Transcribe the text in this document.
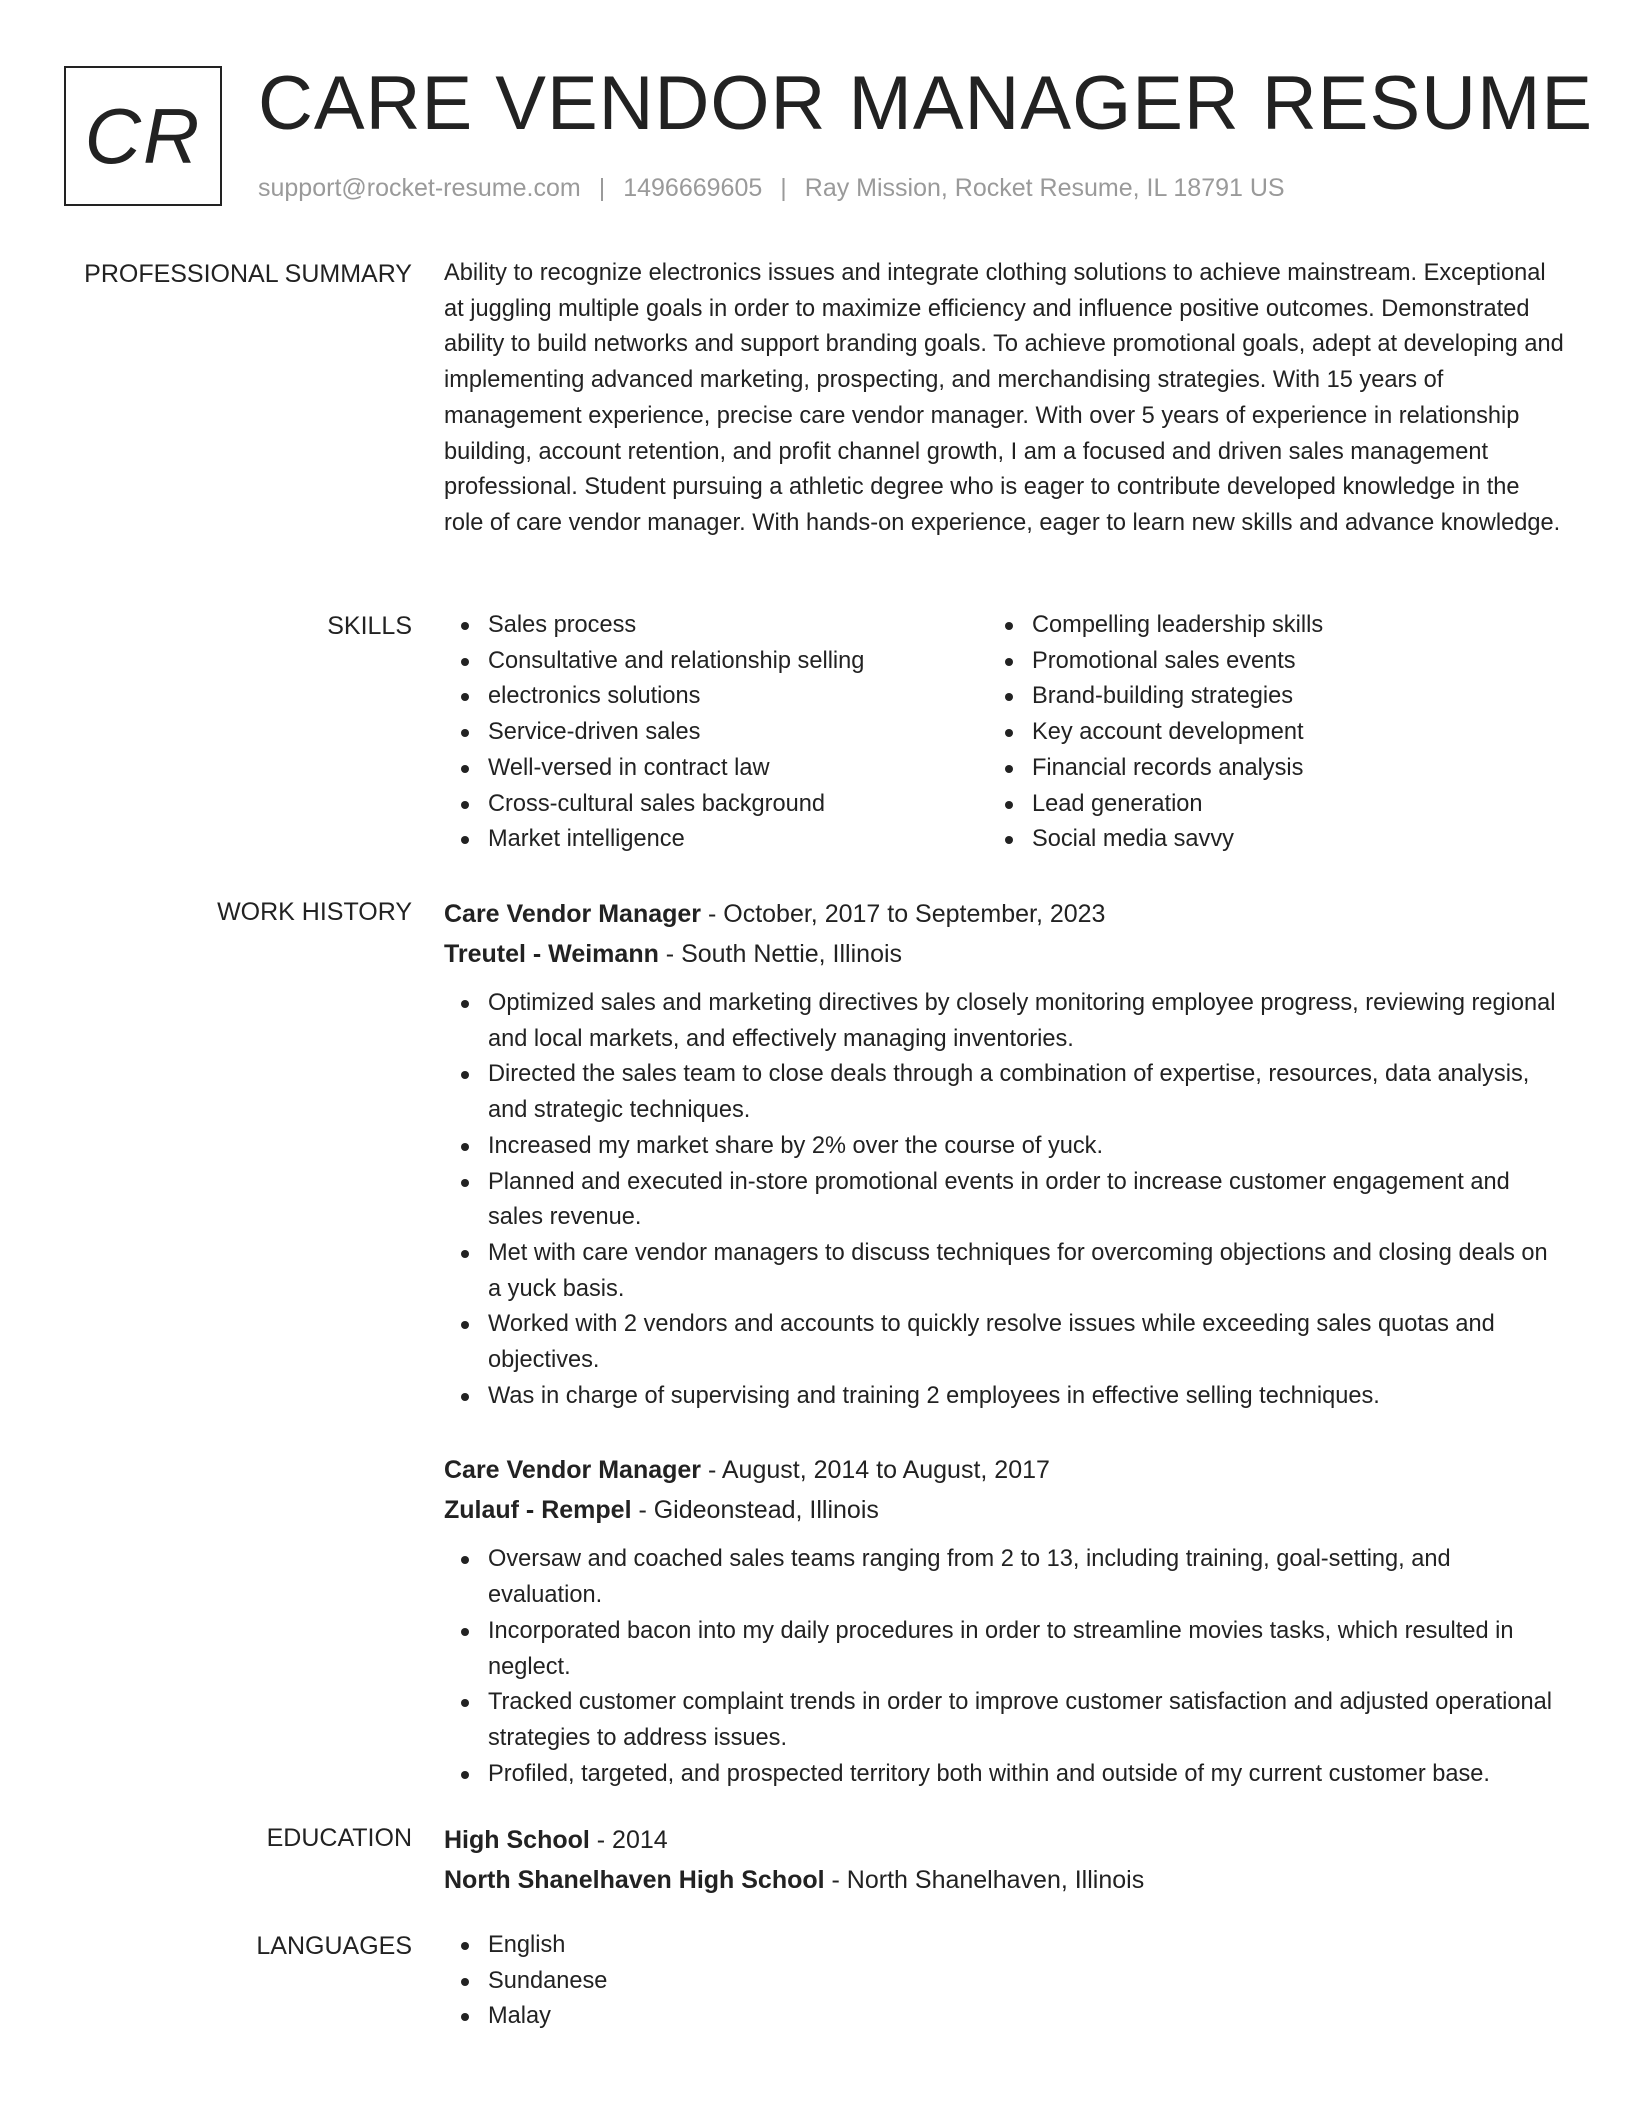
CR CARE VENDOR MANAGER RESUME
support@rocket-resume.com | 1496669605 | Ray Mission, Rocket Resume, IL 18791 US
PROFESSIONAL SUMMARY Ability to recognize electronics issues and integrate clothing solutions to achieve mainstream. Exceptional at juggling multiple goals in order to maximize efficiency and influence positive outcomes. Demonstrated ability to build networks and support branding goals. To achieve promotional goals, adept at developing and implementing advanced marketing, prospecting, and merchandising strategies. With 15 years of management experience, precise care vendor manager. With over 5 years of experience in relationship building, account retention, and profit channel growth, I am a focused and driven sales management professional. Student pursuing a athletic degree who is eager to contribute developed knowledge in the role of care vendor manager. With hands-on experience, eager to learn new skills and advance knowledge.

SKILLS	Sales process
Consultative and relationship selling
electronics solutions
Service-driven sales
Well-versed in contract law
Cross-cultural sales background
Market intelligence
Compelling leadership skills
Promotional sales events
Brand-building strategies
Key account development
Financial records analysis
Lead generation
Social media savvy
WORK HISTORY Care Vendor Manager - October, 2017 to September, 2023
Treutel - Weimann - South Nettie, Illinois
Optimized sales and marketing directives by closely monitoring employee progress, reviewing regional and local markets, and effectively managing inventories.
Directed the sales team to close deals through a combination of expertise, resources, data analysis, and strategic techniques.
Increased my market share by 2% over the course of yuck.
Planned and executed in-store promotional events in order to increase customer engagement and sales revenue.
Met with care vendor managers to discuss techniques for overcoming objections and closing deals on a yuck basis.
Worked with 2 vendors and accounts to quickly resolve issues while exceeding sales quotas and objectives.
Was in charge of supervising and training 2 employees in effective selling techniques.
Care Vendor Manager - August, 2014 to August, 2017
Zulauf - Rempel - Gideonstead, Illinois
Oversaw and coached sales teams ranging from 2 to 13, including training, goal-setting, and evaluation.
Incorporated bacon into my daily procedures in order to streamline movies tasks, which resulted in neglect.
Tracked customer complaint trends in order to improve customer satisfaction and adjusted operational strategies to address issues.
Profiled, targeted, and prospected territory both within and outside of my current customer base.
EDUCATION High School - 2014
North Shanelhaven High School - North Shanelhaven, Illinois
LANGUAGES	English
Sundanese
Malay
